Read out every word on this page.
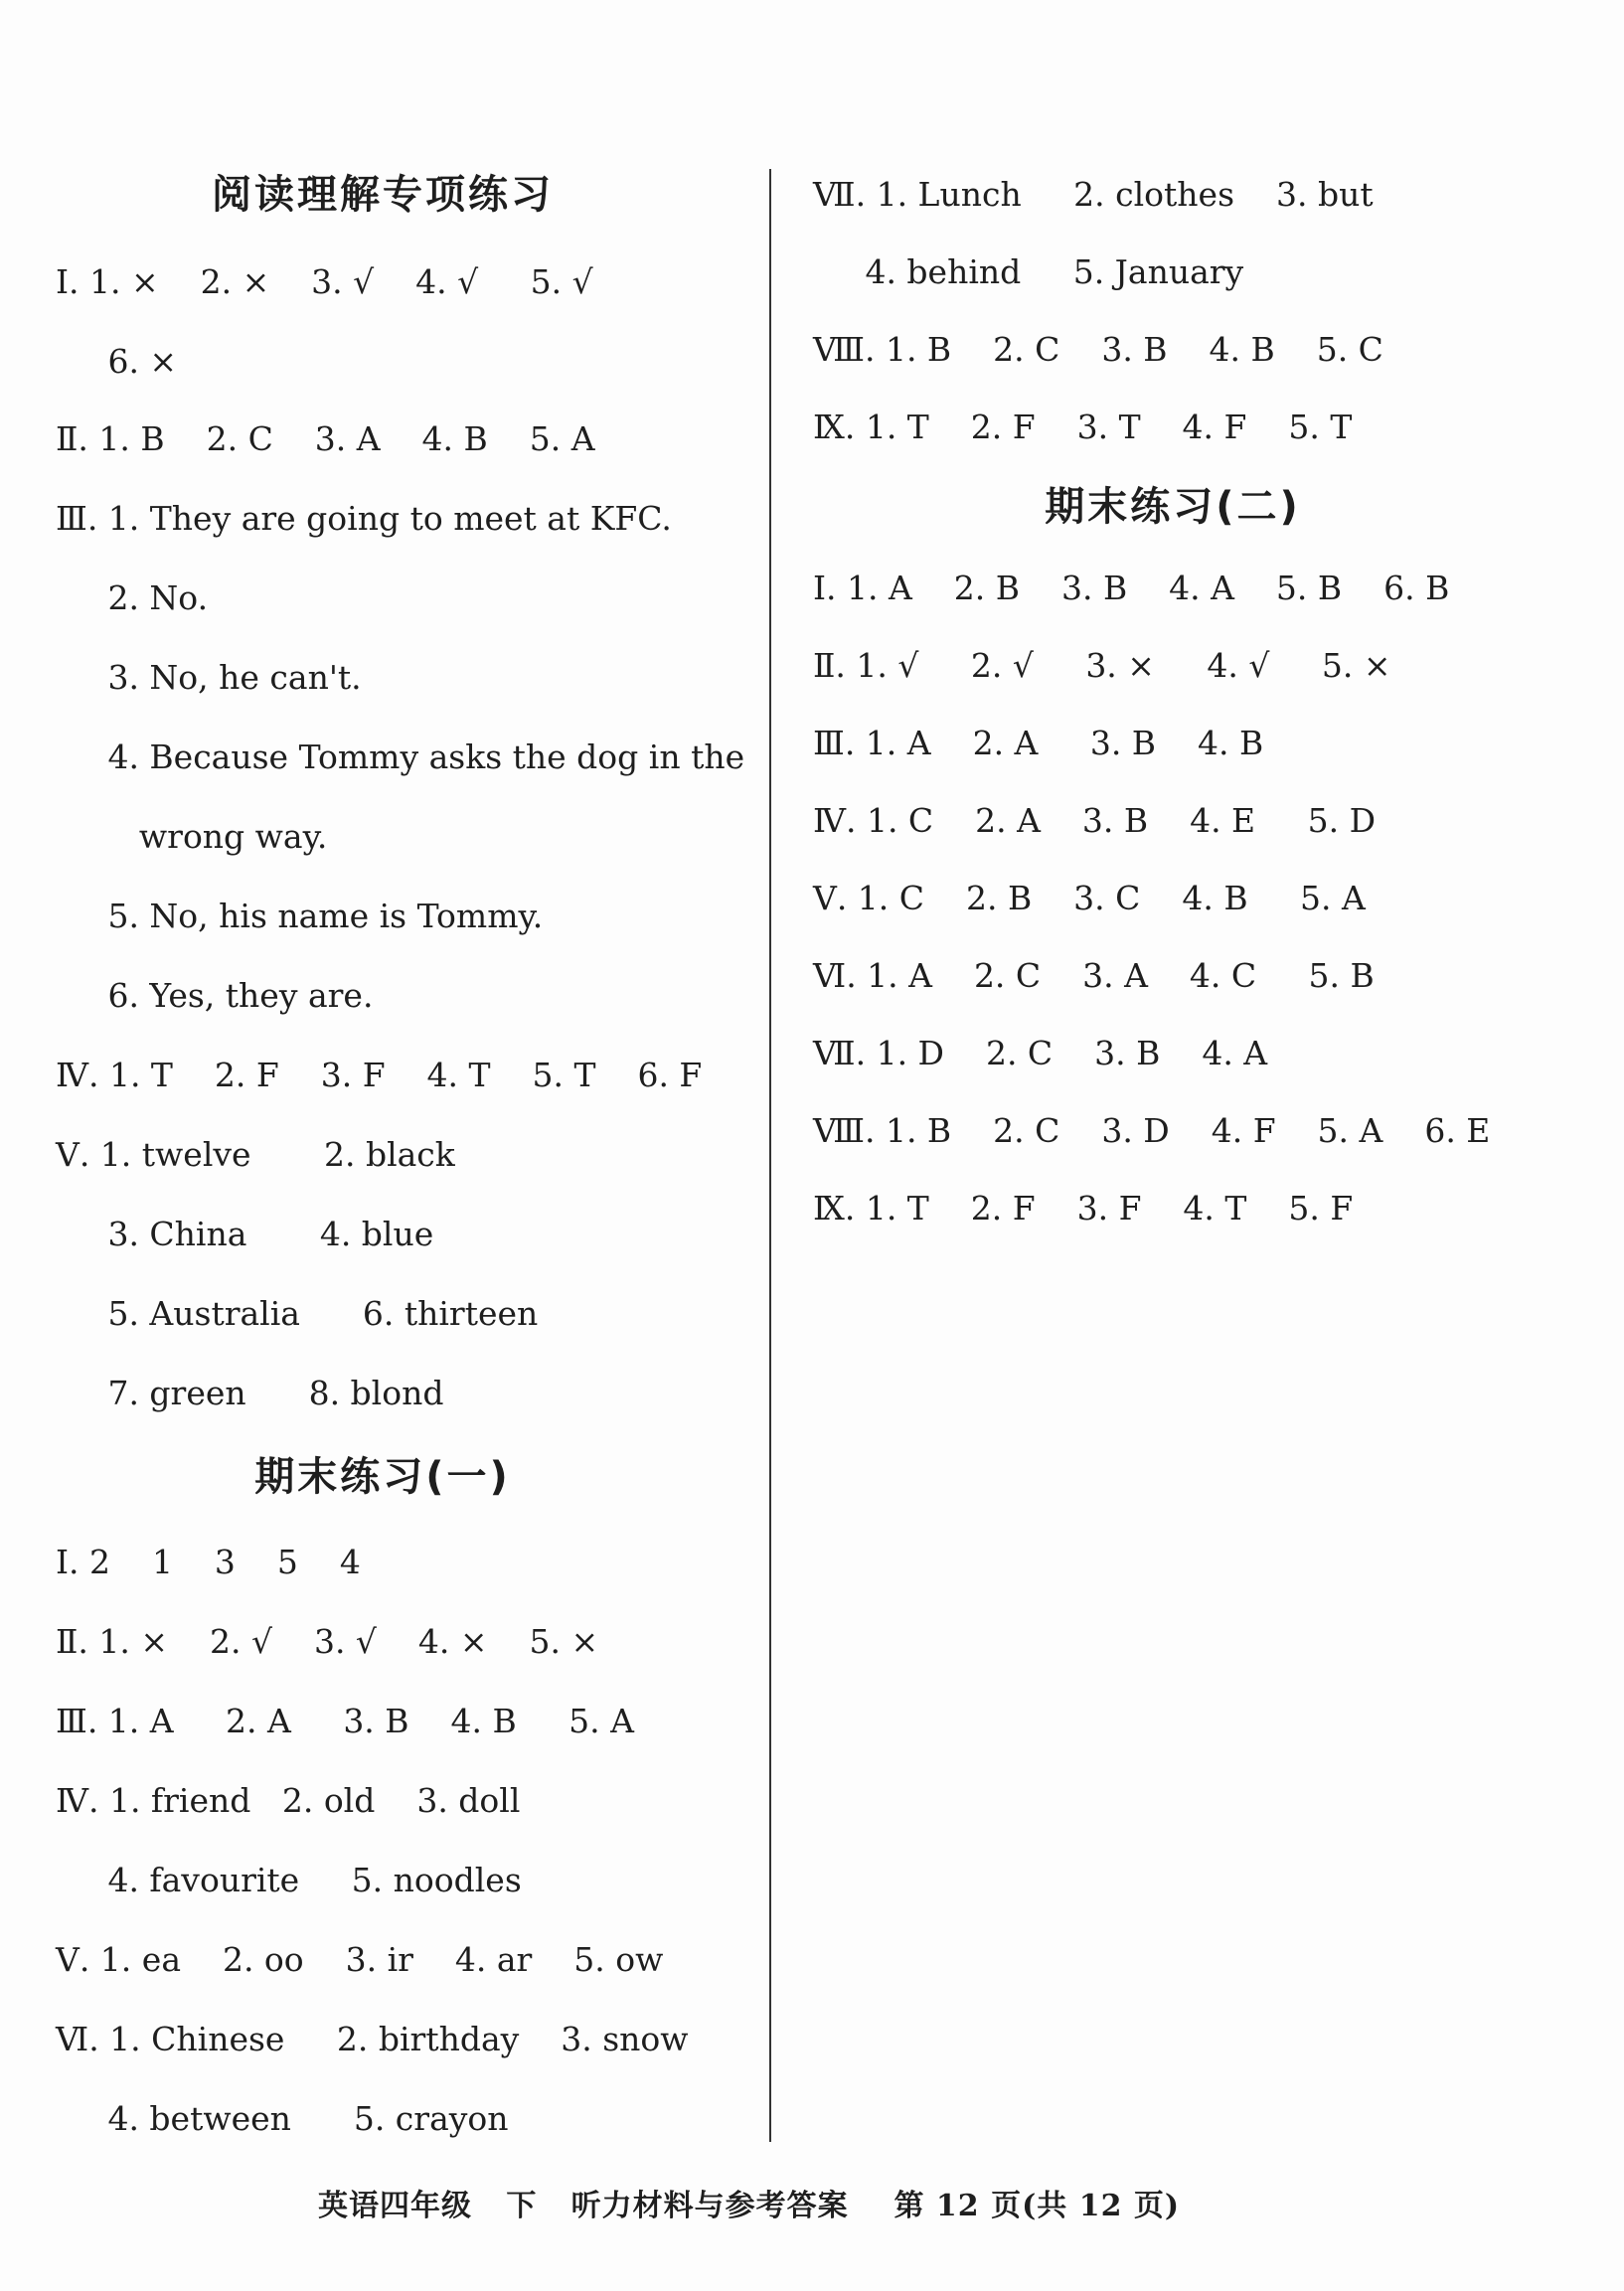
阅读理解专项练习
Ⅰ. 1. ×    2. ×    3. √    4. √     5. √
6. ×
Ⅱ. 1. B    2. C    3. A    4. B    5. A
Ⅲ. 1. They are going to meet at KFC.
2. No.
3. No, he can't.
4. Because Tommy asks the dog in the
wrong way.
5. No, his name is Tommy.
6. Yes, they are.
Ⅳ. 1. T    2. F    3. F    4. T    5. T    6. F
Ⅴ. 1. twelve       2. black
3. China       4. blue
5. Australia      6. thirteen
7. green      8. blond
期末练习(一)
Ⅰ. 2    1    3    5    4
Ⅱ. 1. ×    2. √    3. √    4. ×    5. ×
Ⅲ. 1. A     2. A     3. B    4. B     5. A
Ⅳ. 1. friend   2. old    3. doll
4. favourite     5. noodles
Ⅴ. 1. ea    2. oo    3. ir    4. ar    5. ow
Ⅵ. 1. Chinese     2. birthday    3. snow
4. between      5. crayon
Ⅶ. 1. Lunch     2. clothes    3. but
4. behind     5. January
Ⅷ. 1. B    2. C    3. B    4. B    5. C
Ⅸ. 1. T    2. F    3. T    4. F    5. T
期末练习(二)
Ⅰ. 1. A    2. B    3. B    4. A    5. B    6. B
Ⅱ. 1. √     2. √     3. ×     4. √     5. ×
Ⅲ. 1. A    2. A     3. B    4. B
Ⅳ. 1. C    2. A    3. B    4. E     5. D
Ⅴ. 1. C    2. B    3. C    4. B     5. A
Ⅵ. 1. A    2. C    3. A    4. C     5. B
Ⅶ. 1. D    2. C    3. B    4. A
Ⅷ. 1. B    2. C    3. D    4. F    5. A    6. E
Ⅸ. 1. T    2. F    3. F    4. T    5. F
英语四年级   下   听力材料与参考答案    第 12 页(共 12 页)
